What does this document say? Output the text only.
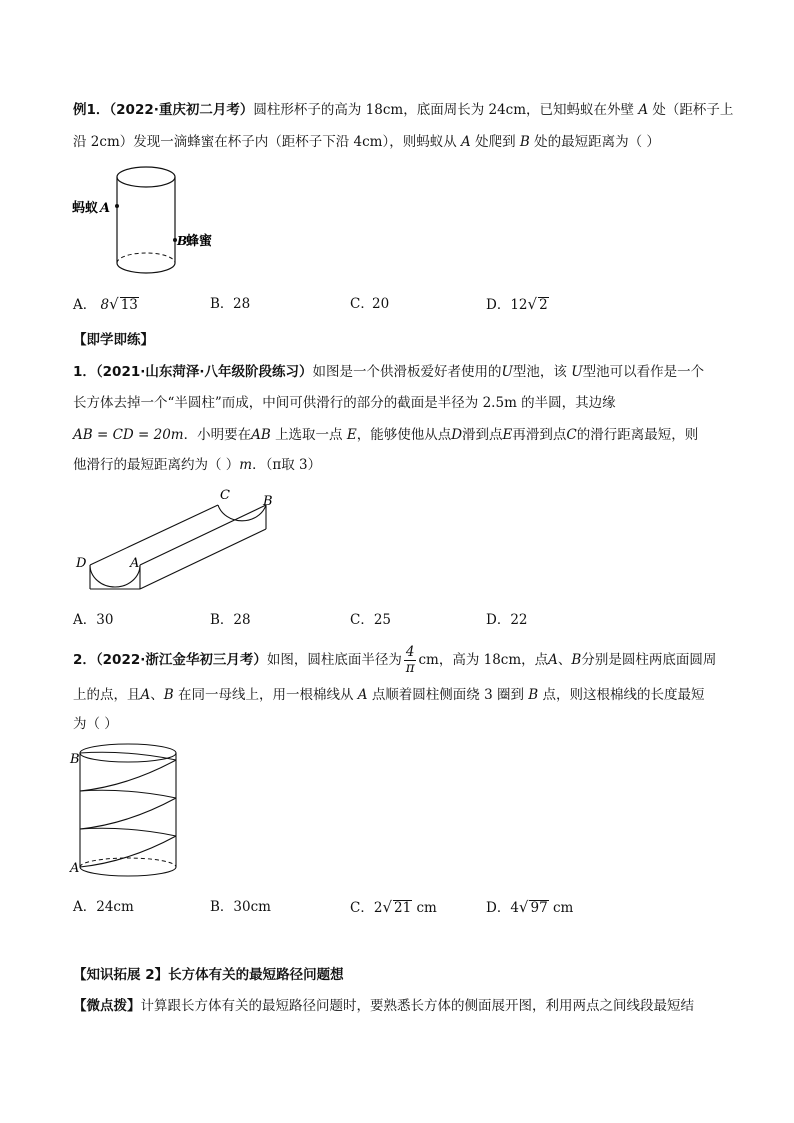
例1．（2022·重庆初二月考）圆柱形杯子的高为 18cm，底面周长为 24cm，已知蚂蚁在外壁 A 处（距杯子上
沿 2cm）发现一滴蜂蜜在杯子内（距杯子下沿 4cm），则蚂蚁从 A 处爬到 B 处的最短距离为（ ）
蚂蚁 A
B
蜂蜜
A． 8√ 13	B． 28	C．
20	D．12√ 2
【即学即练】
1．（2021·山东菏泽·八年级阶段练习）如图是一个供滑板爱好者使用的U型池，该 U型池可以看作是一个
长方体去掉一个“半圆柱”而成，中间可供滑行的部分的截面是半径为 2.5m 的半圆，其边缘
AB = CD = 20m．小明要在AB 上选取一点 E，能够使他从点D滑到点E再滑到点C的滑行距离最短，则
他滑行的最短距离约为（ ）m．（π取 3）
C	B
D	A
A．30	B．28	C．25	D．22
2．（2022·浙江金华初三月考）如图，圆柱底面半径为 $\frac{4}{\pi}$ cm，高为 18cm，点A、B分别是圆柱两底面圆周
上的点，且A、B 在同一母线上，用一根棉线从 A 点顺着圆柱侧面绕 3 圈到 B 点，则这根棉线的长度最短
为（ ）
B
A
A．24cm	B．30cm	C．2√ 21 cm	D．4√ 97 cm
【知识拓展 2】长方体有关的最短路径问题想
【微点拨】计算跟长方体有关的最短路径问题时，要熟悉长方体的侧面展开图，利用两点之间线段最短结
